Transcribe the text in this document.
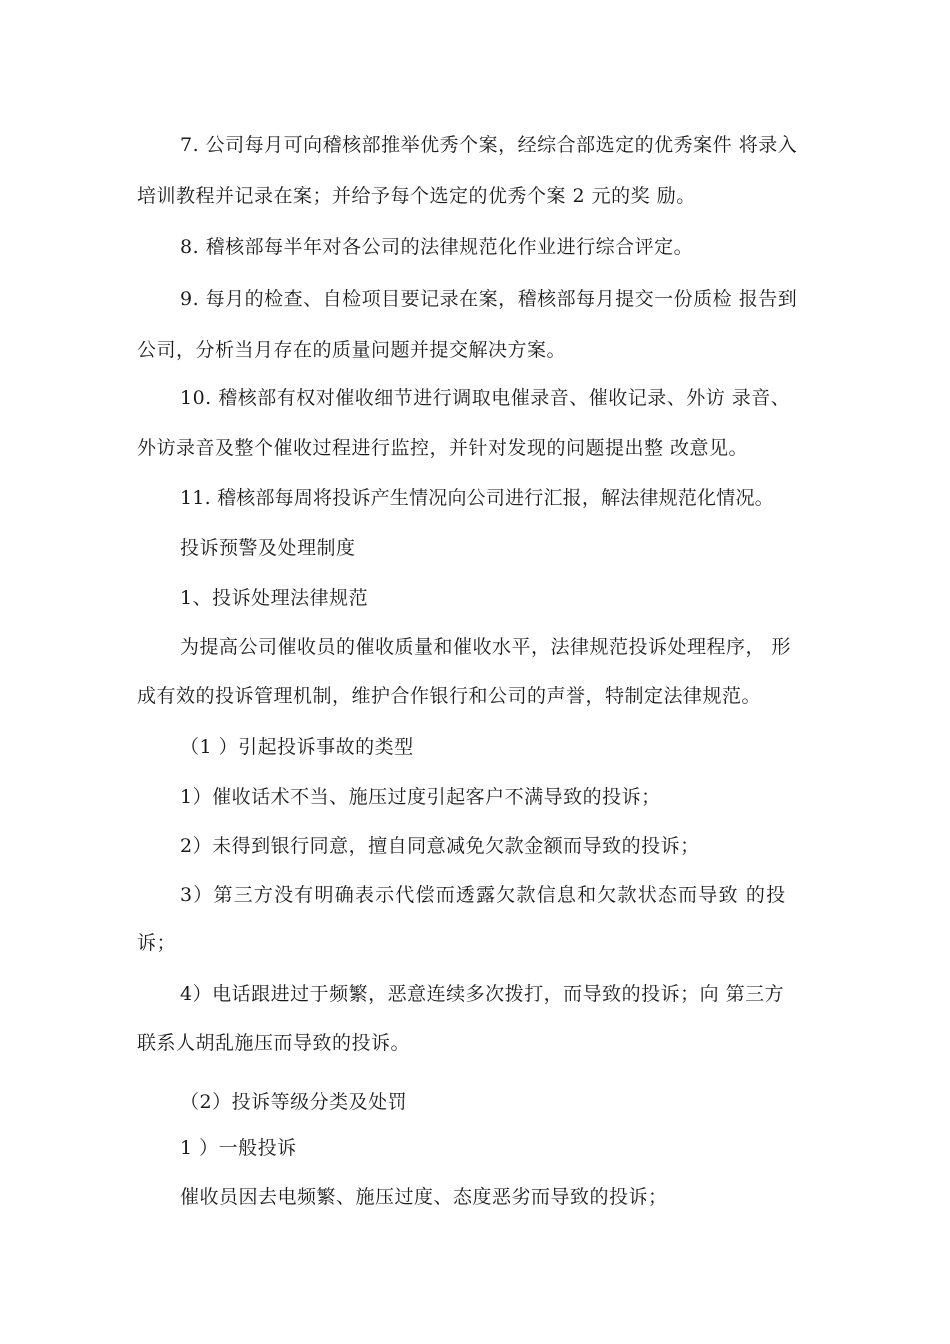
7. 公司每月可向稽核部推举优秀个案，经综合部选定的优秀案件 将录入
培训教程并记录在案；并给予每个选定的优秀个案 2 元的奖 励。
8. 稽核部每半年对各公司的法律规范化作业进行综合评定。
9. 每月的检查、自检项目要记录在案，稽核部每月提交一份质检 报告到
公司，分析当月存在的质量问题并提交解决方案。
10. 稽核部有权对催收细节进行调取电催录音、催收记录、外访 录音、
外访录音及整个催收过程进行监控，并针对发现的问题提出整 改意见。
11. 稽核部每周将投诉产生情况向公司进行汇报，解法律规范化情况。
投诉预警及处理制度
1、投诉处理法律规范
为提高公司催收员的催收质量和催收水平，法律规范投诉处理程序， 形
成有效的投诉管理机制，维护合作银行和公司的声誉，特制定法律规范。
（1 ）引起投诉事故的类型
1）催收话术不当、施压过度引起客户不满导致的投诉；
2）未得到银行同意，擅自同意减免欠款金额而导致的投诉；
3）第三方没有明确表示代偿而透露欠款信息和欠款状态而导致 的投
诉；
4）电话跟进过于频繁，恶意连续多次拨打，而导致的投诉；向 第三方
联系人胡乱施压而导致的投诉。
（2）投诉等级分类及处罚
1 ）一般投诉
催收员因去电频繁、施压过度、态度恶劣而导致的投诉；
